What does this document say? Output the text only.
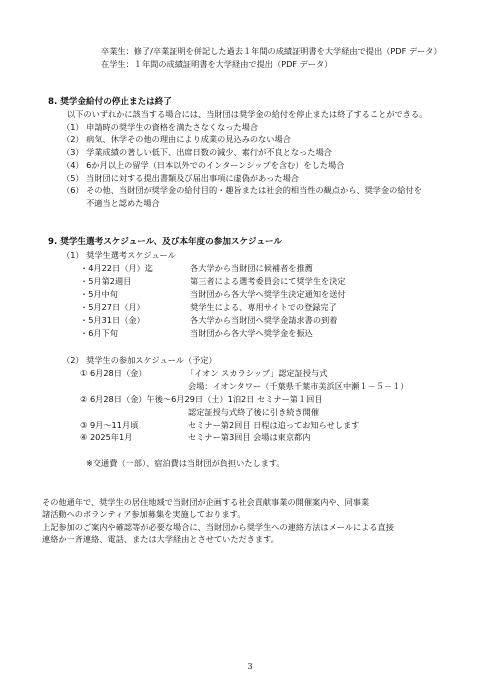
卒業生：修了/卒業証明を併記した過去１年間の成績証明書を大学経由で提出（PDF データ）
在学生：１年間の成績証明書を大学経由で提出（PDF データ）
8. 奨学金給付の停止または終了
以下のいずれかに該当する場合には、当財団は奨学金の給付を停止または終了することができる。
（1） 申請時の奨学生の資格を満たさなくなった場合
（2） 病気、休学その他の理由により成業の見込みのない場合
（3） 学業成績の著しい低下、出席日数の減少、素行が不良となった場合
（4） 6か月以上の留学（日本以外でのインターンシップを含む）をした場合
（5） 当財団に対する提出書類及び届出事項に虚偽があった場合
（6） その他、当財団が奨学金の給付目的・趣旨または社会的相当性の観点から、奨学金の給付を
不適当と認めた場合
9. 奨学生選考スケジュール、及び本年度の参加スケジュール
（1） 奨学生選考スケジュール
・4月22日（月）迄	各大学から当財団に候補者を推薦
・5月第2週目	第三者による選考委員会にて奨学生を決定
・5月中旬	当財団から各大学へ奨学生決定通知を送付
・5月27日（月）	奨学生による、専用サイトでの登録完了
・5月31日（金）	各大学から当財団へ奨学金請求書の到着
・6月下旬	当財団から各大学へ奨学金を振込
（2） 奨学生の参加スケジュール（予定）
① 6月28日（金）	「イオン スカラシップ」認定証授与式
会場：イオンタワー（千葉県千葉市美浜区中瀬１－５－１）
② 6月28日（金）午後～6月29日（土）1泊2日 セミナー第１回目
認定証授与式終了後に引き続き開催
③ 9月～11月頃	セミナー第2回目 日程は追ってお知らせします
④ 2025年1月	セミナー第3回目 会場は東京都内
※交通費（一部）、宿泊費は当財団が負担いたします。
その他通年で、奨学生の居住地域で当財団が企画する社会貢献事業の開催案内や、同事業
諸活動へのボランティア参加募集を実施しております。
上記参加のご案内や確認等が必要な場合に、当財団から奨学生への連絡方法はメールによる直接
連絡か一斉連絡、電話、または大学経由とさせていただきます。
3
